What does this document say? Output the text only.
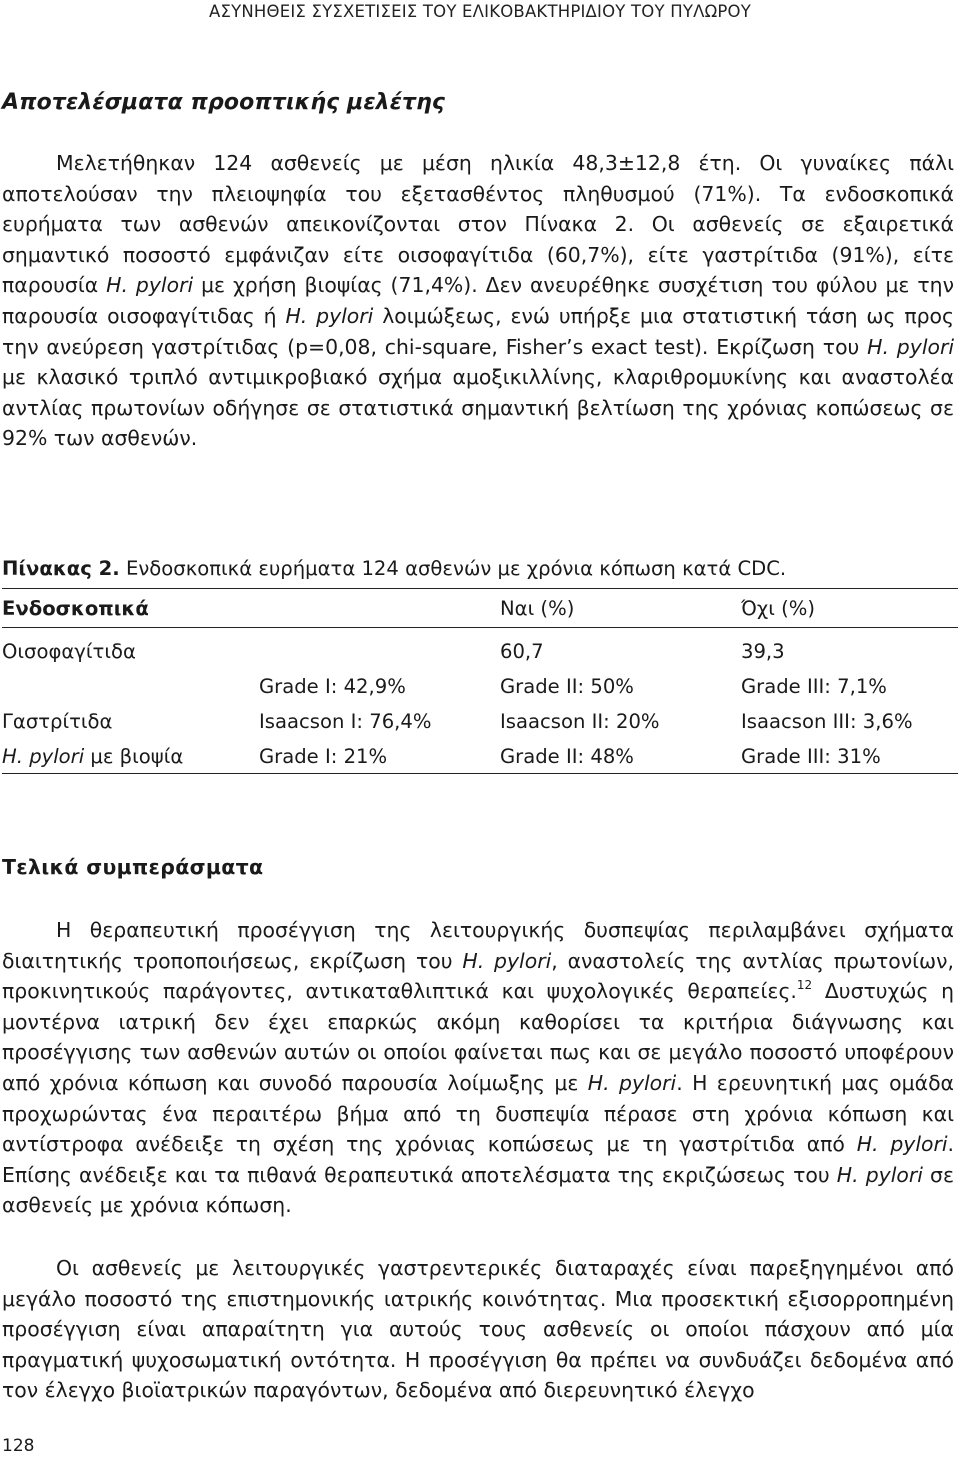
ΑΣΥΝΗΘΕΙΣ ΣΥΣΧΕΤΙΣΕΙΣ ΤΟΥ ΕΛΙΚΟΒΑΚΤΗΡΙΔΙΟΥ ΤΟΥ ΠΥΛΩΡΟΥ
Αποτελέσματα προοπτικής μελέτης

Μελετήθηκαν 124 ασθενείς με μέση ηλικία 48,3±12,8 έτη. Οι γυναίκες πάλι αποτελούσαν την πλειοψηφία του εξετασθέντος πληθυσμού (71%). Τα ενδοσκοπικά ευρήματα των ασθενών απεικονίζονται στον Πίνακα 2. Οι ασθενείς σε εξαιρετικά σημαντικό ποσοστό εμφάνιζαν είτε οισοφαγίτιδα (60,7%), είτε γαστρίτιδα (91%), είτε παρουσία H. pylori με χρήση βιοψίας (71,4%). Δεν ανευρέθηκε συσχέτιση του φύλου με την παρουσία οισοφαγίτιδας ή H. pylori λοιμώξεως, ενώ υπήρξε μια στατιστική τάση ως προς την ανεύρεση γαστρίτιδας (p=0,08, chi-square, Fisher’s exact test). Εκρίζωση του H. pylori με κλασικό τριπλό αντιμικροβιακό σχήμα αμοξικιλλίνης, κλαριθρομυκίνης και αναστολέα αντλίας πρωτονίων οδήγησε σε στατιστικά σημαντική βελτίωση της χρόνιας κοπώσεως σε 92% των ασθενών.

Πίνακας 2. Ενδοσκοπικά ευρήματα 124 ασθενών με χρόνια κόπωση κατά CDC.

Ενδοσκοπικά		Ναι (%)	Όχι (%)
Οισοφαγίτιδα		60,7	39,3
	Grade I: 42,9%	Grade II: 50%	Grade III: 7,1%
Γαστρίτιδα	Isaacson I: 76,4%	Isaacson II: 20%	Isaacson III: 3,6%
H. pylori με βιοψία	Grade I: 21%	Grade II: 48%	Grade III: 31%
Τελικά συμπεράσματα

Η θεραπευτική προσέγγιση της λειτουργικής δυσπεψίας περιλαμβάνει σχήματα διαιτητικής τροποποιήσεως, εκρίζωση του H. pylori, αναστολείς της αντλίας πρωτονίων, προκινητικούς παράγοντες, αντικαταθλιπτικά και ψυχολογικές θεραπείες.$^{12}$ Δυστυχώς η μοντέρνα ιατρική δεν έχει επαρκώς ακόμη καθορίσει τα κριτήρια διάγνωσης και προσέγγισης των ασθενών αυτών οι οποίοι φαίνεται πως και σε μεγάλο ποσοστό υποφέρουν από χρόνια κόπωση και συνοδό παρουσία λοίμωξης με H. pylori. Η ερευνητική μας ομάδα προχωρώντας ένα περαιτέρω βήμα από τη δυσπεψία πέρασε στη χρόνια κόπωση και αντίστροφα ανέδειξε τη σχέση της χρόνιας κοπώσεως με τη γαστρίτιδα από H. pylori. Επίσης ανέδειξε και τα πιθανά θεραπευτικά αποτελέσματα της εκριζώσεως του H. pylori σε ασθενείς με χρόνια κόπωση.

Οι ασθενείς με λειτουργικές γαστρεντερικές διαταραχές είναι παρεξηγημένοι από μεγάλο ποσοστό της επιστημονικής ιατρικής κοινότητας. Μια προσεκτική εξισορροπημένη προσέγγιση είναι απαραίτητη για αυτούς τους ασθενείς οι οποίοι πάσχουν από μία πραγματική ψυχοσωματική οντότητα. Η προσέγγιση θα πρέπει να συνδυάζει δεδομένα από τον έλεγχο βιοϊατρικών παραγόντων, δεδομένα από διερευνητικό έλεγχο

128
